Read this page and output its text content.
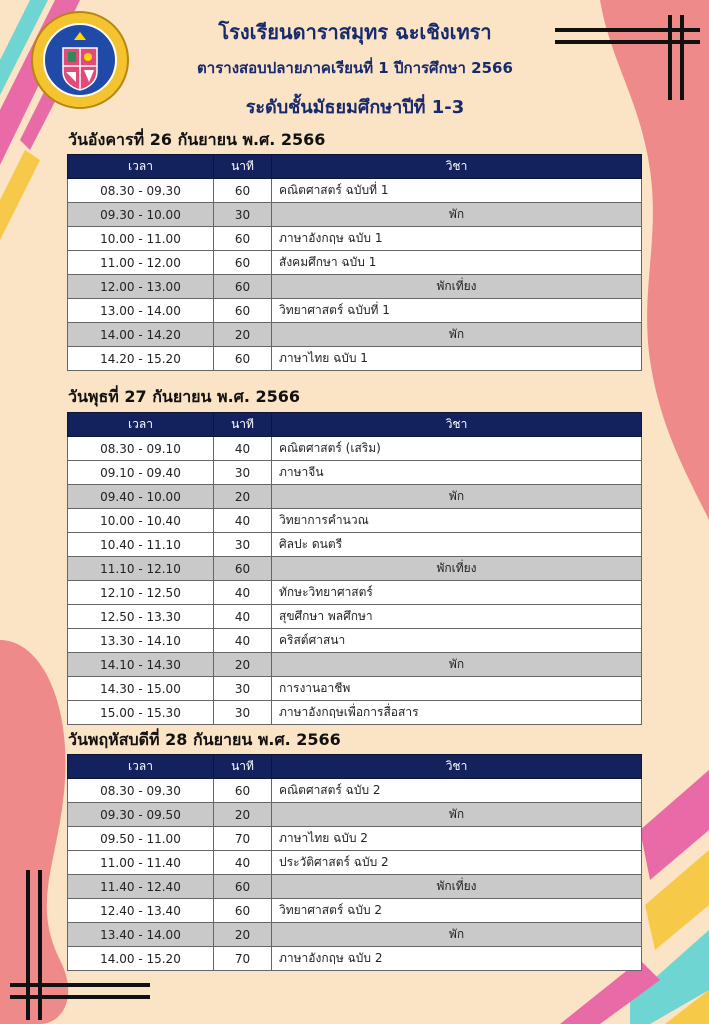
โรงเรียนดาราสมุทร ฉะเชิงเทรา
ตารางสอบปลายภาคเรียนที่ 1 ปีการศึกษา 2566
ระดับชั้นมัธยมศึกษาปีที่ 1-3
วันอังคารที่ 26 กันยายน พ.ศ. 2566
เวลา	นาที	วิชา
08.30 - 09.30	60	คณิตศาสตร์ ฉบับที่ 1
09.30 - 10.00	30	พัก
10.00 - 11.00	60	ภาษาอังกฤษ ฉบับ 1
11.00 - 12.00	60	สังคมศึกษา ฉบับ 1
12.00 - 13.00	60	พักเที่ยง
13.00 - 14.00	60	วิทยาศาสตร์ ฉบับที่ 1
14.00 - 14.20	20	พัก
14.20 - 15.20	60	ภาษาไทย ฉบับ 1
วันพุธที่ 27 กันยายน พ.ศ. 2566
เวลา	นาที	วิชา
08.30 - 09.10	40	คณิตศาสตร์ (เสริม)
09.10 - 09.40	30	ภาษาจีน
09.40 - 10.00	20	พัก
10.00 - 10.40	40	วิทยาการคำนวณ
10.40 - 11.10	30	ศิลปะ ดนตรี
11.10 - 12.10	60	พักเที่ยง
12.10 - 12.50	40	ทักษะวิทยาศาสตร์
12.50 - 13.30	40	สุขศึกษา พลศึกษา
13.30 - 14.10	40	คริสต์ศาสนา
14.10 - 14.30	20	พัก
14.30 - 15.00	30	การงานอาชีพ
15.00 - 15.30	30	ภาษาอังกฤษเพื่อการสื่อสาร
วันพฤหัสบดีที่ 28 กันยายน พ.ศ. 2566
เวลา	นาที	วิชา
08.30 - 09.30	60	คณิตศาสตร์ ฉบับ 2
09.30 - 09.50	20	พัก
09.50 - 11.00	70	ภาษาไทย ฉบับ 2
11.00 - 11.40	40	ประวัติศาสตร์ ฉบับ 2
11.40 - 12.40	60	พักเที่ยง
12.40 - 13.40	60	วิทยาศาสตร์ ฉบับ 2
13.40 - 14.00	20	พัก
14.00 - 15.20	70	ภาษาอังกฤษ ฉบับ 2
